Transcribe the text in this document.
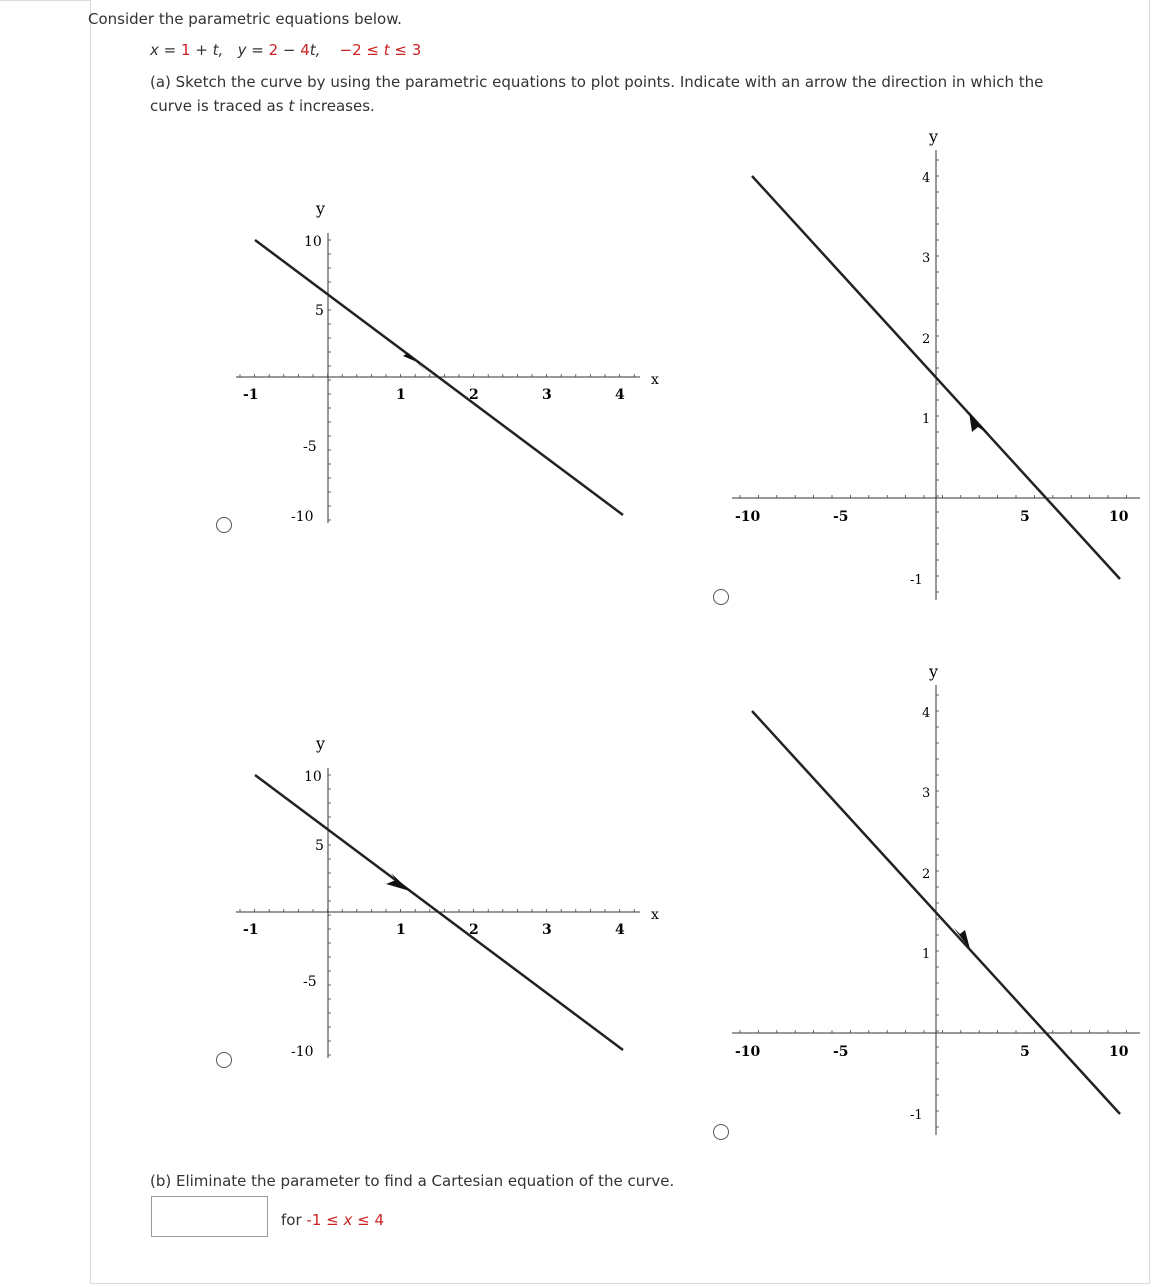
Consider the parametric equations below.
x = 1 + t, y = 2 − 4t, −2 ≤ t ≤ 3
(a) Sketch the curve by using the parametric equations to plot points. Indicate with an arrow the direction in which the
curve is traced as t increases.
y
x
-1	1	2	3	4
10
5
-5
-10
y
-10	-5	5	10
4
3
2
1
-1
y
x
-1	1	2	3	4
10
5
-5
-10
y
-10	-5	5	10
4
3
2
1
-1
(b) Eliminate the parameter to find a Cartesian equation of the curve.
for -1 ≤ x ≤ 4
